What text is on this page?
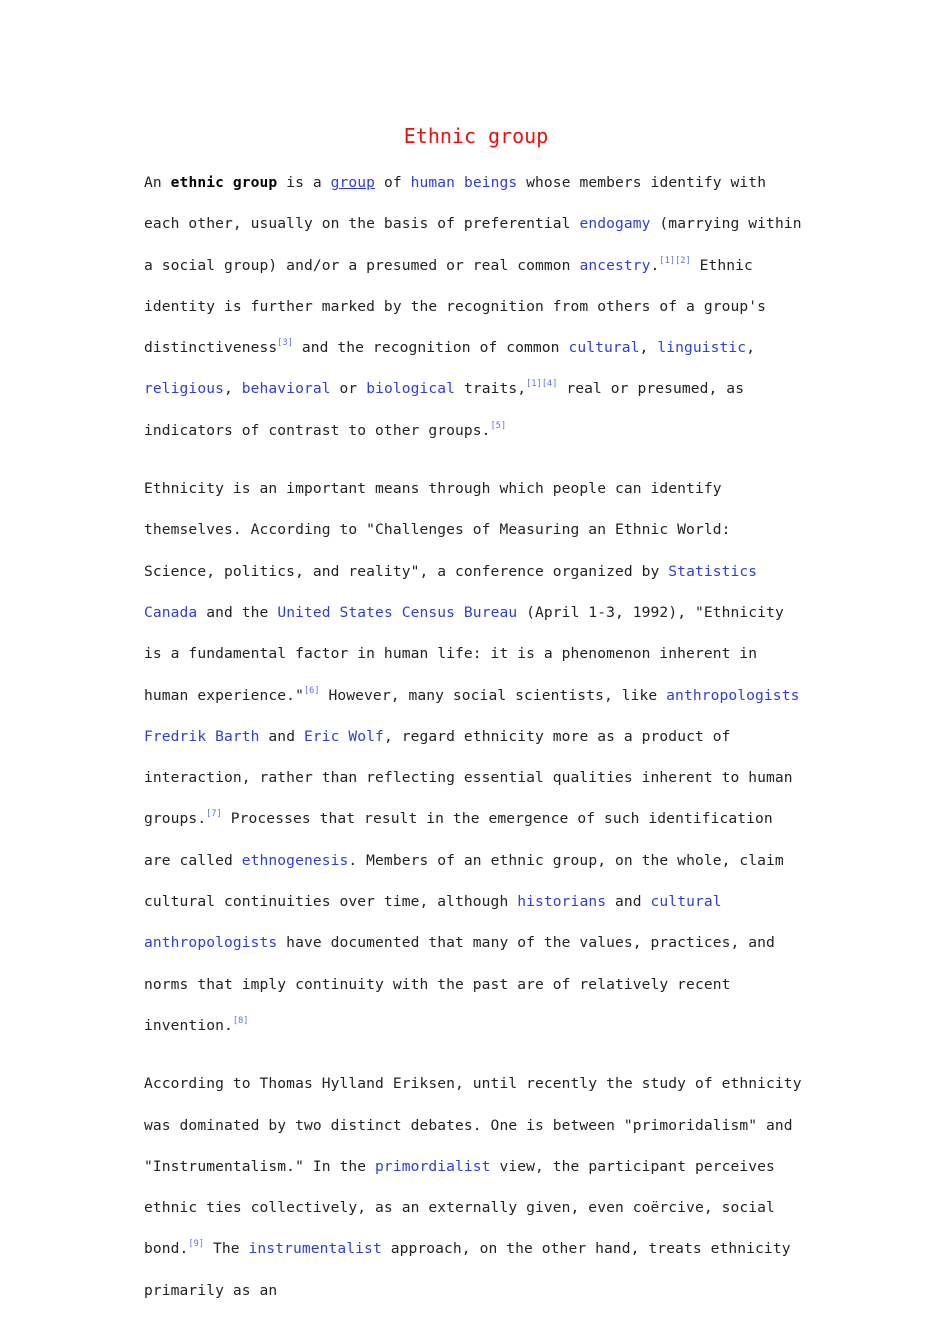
Ethnic group

An ethnic group is a group of human beings whose members identify with each other, usually on the basis of preferential endogamy (marrying within a social group) and/or a presumed or real common ancestry.[1][2] Ethnic identity is further marked by the recognition from others of a group's distinctiveness[3] and the recognition of common cultural, linguistic, religious, behavioral or biological traits,[1][4] real or presumed, as indicators of contrast to other groups.[5]

Ethnicity is an important means through which people can identify themselves. According to "Challenges of Measuring an Ethnic World: Science, politics, and reality", a conference organized by Statistics Canada and the United States Census Bureau (April 1-3, 1992), "Ethnicity is a fundamental factor in human life: it is a phenomenon inherent in human experience."[6] However, many social scientists, like anthropologists Fredrik Barth and Eric Wolf, regard ethnicity more as a product of interaction, rather than reflecting essential qualities inherent to human groups.[7] Processes that result in the emergence of such identification are called ethnogenesis. Members of an ethnic group, on the whole, claim cultural continuities over time, although historians and cultural anthropologists have documented that many of the values, practices, and norms that imply continuity with the past are of relatively recent invention.[8]

According to Thomas Hylland Eriksen, until recently the study of ethnicity was dominated by two distinct debates. One is between "primoridalism" and "Instrumentalism." In the primordialist view, the participant perceives ethnic ties collectively, as an externally given, even coërcive, social bond.[9] The instrumentalist approach, on the other hand, treats ethnicity primarily as an
